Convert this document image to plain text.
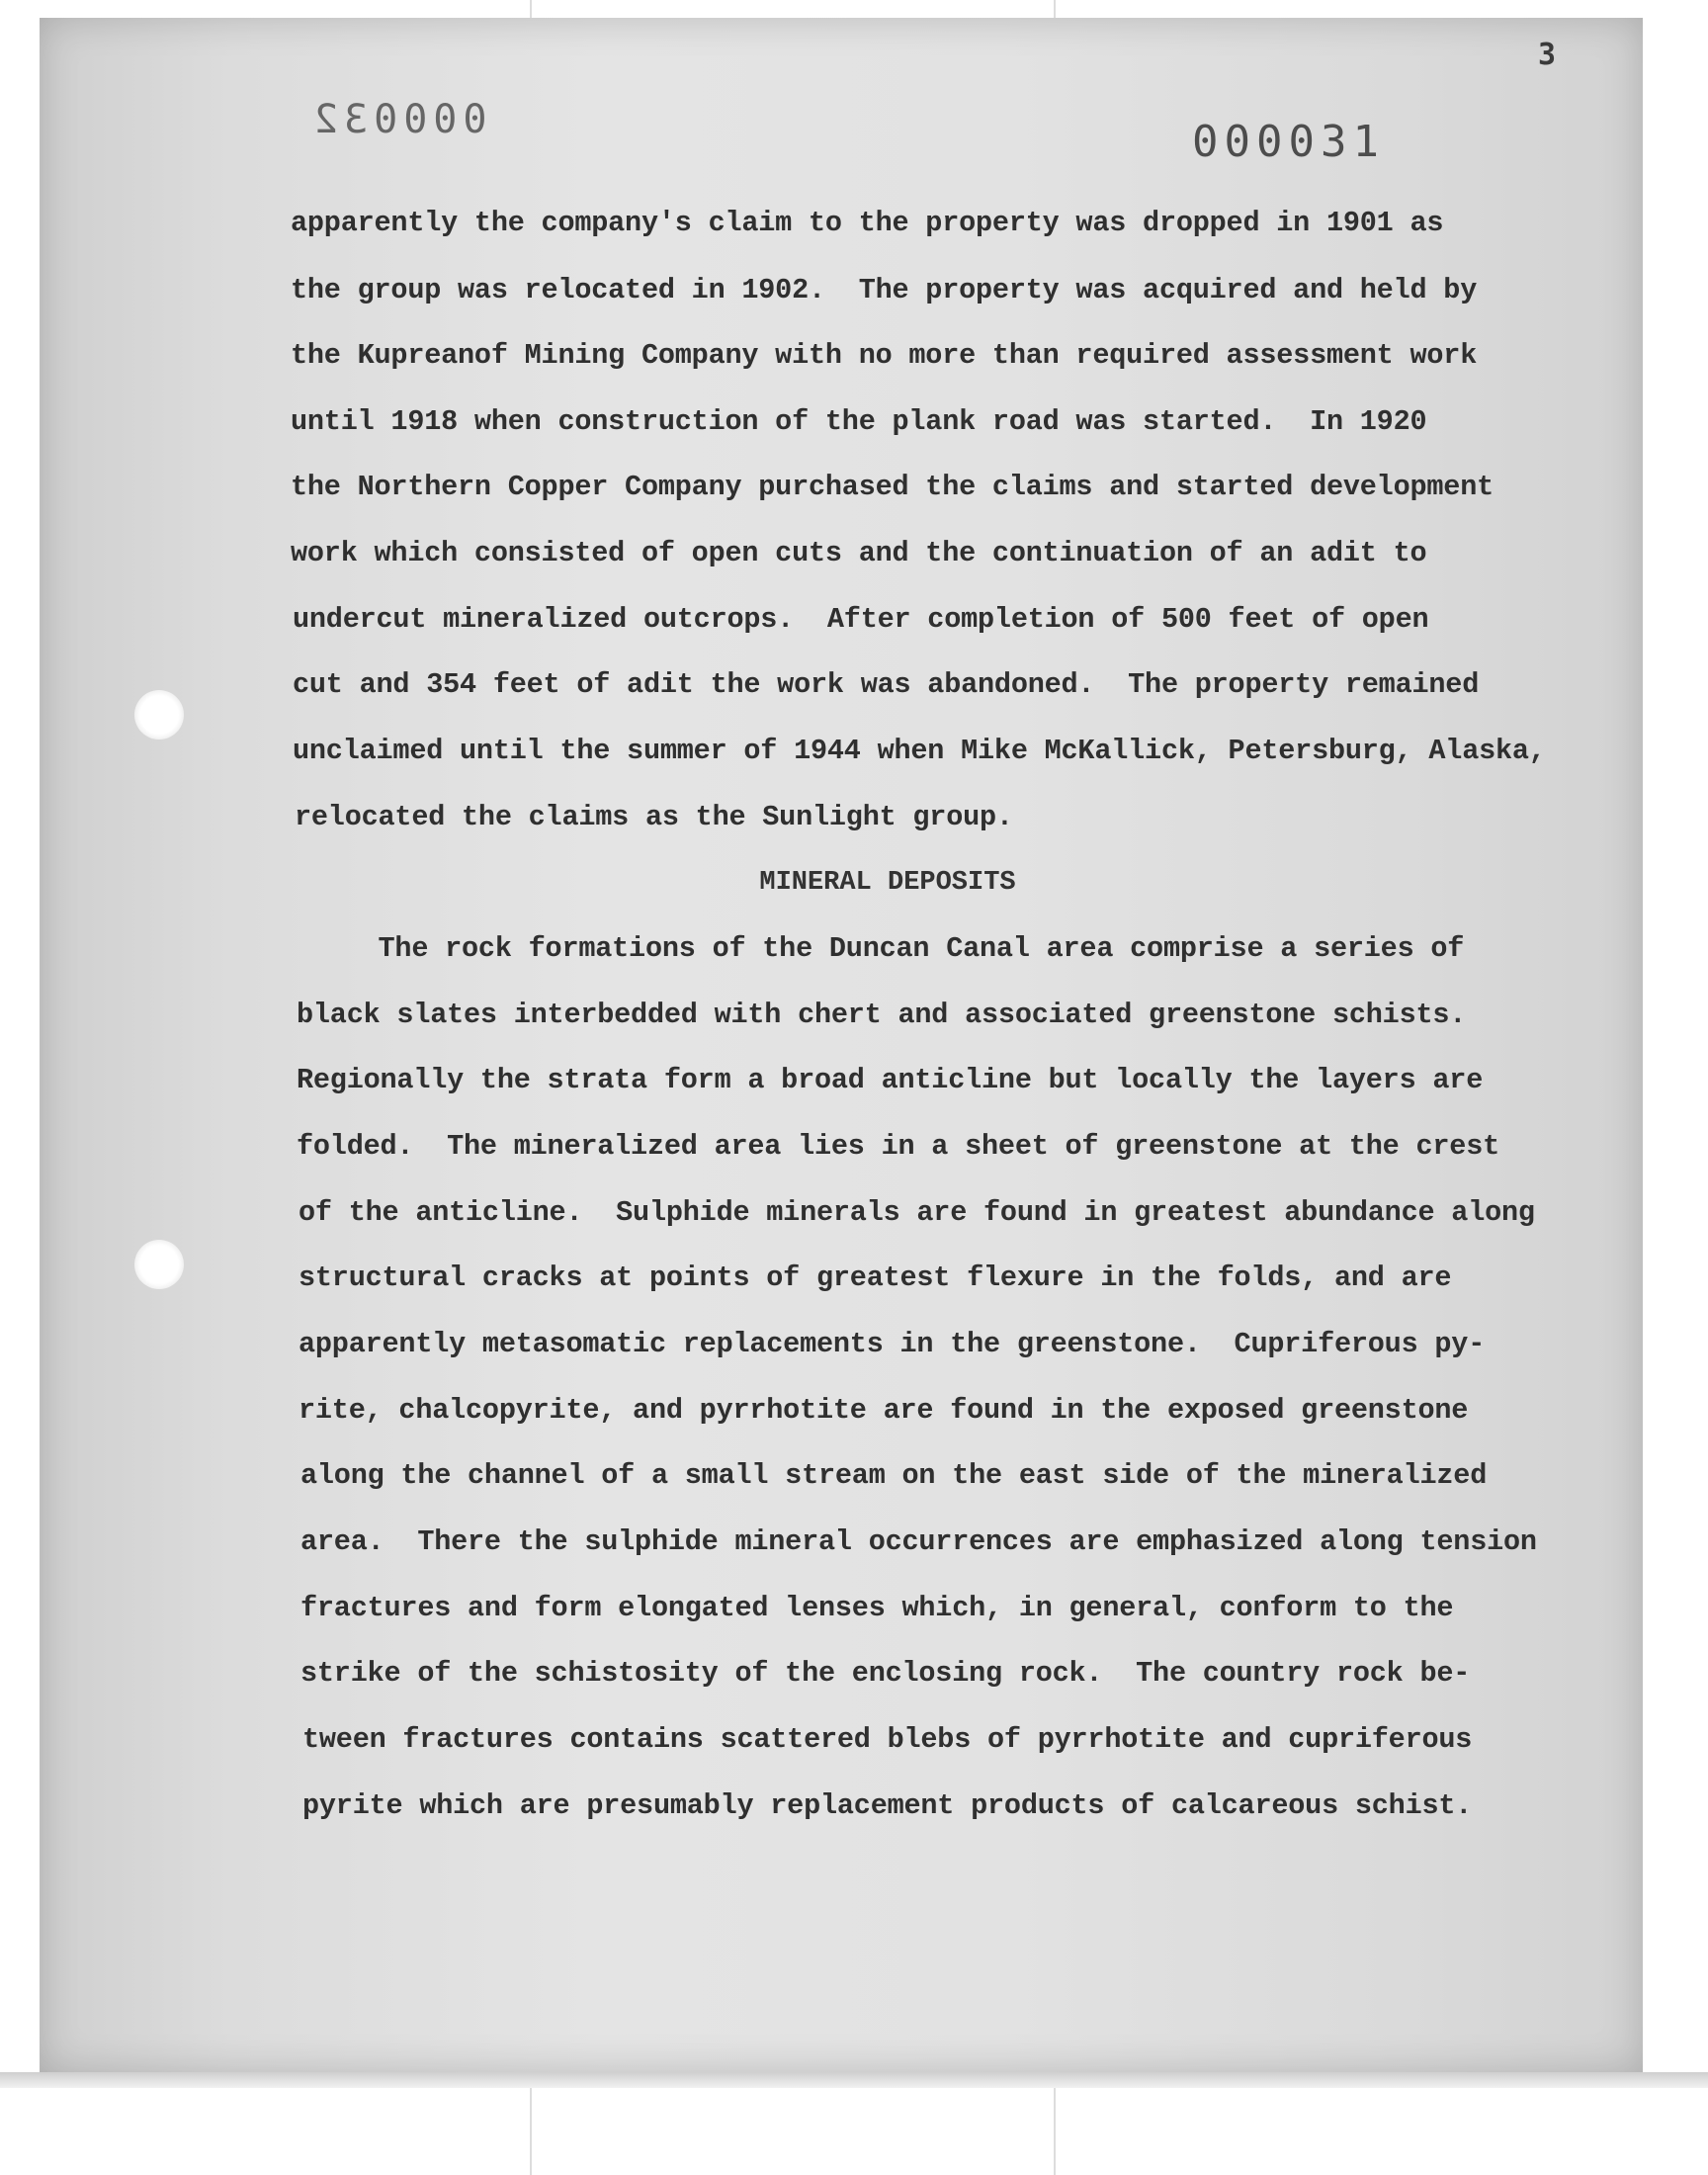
3
000032	000031
apparently the company's claim to the property was dropped in 1901 as
the group was relocated in 1902.  The property was acquired and held by
the Kupreanof Mining Company with no more than required assessment work
until 1918 when construction of the plank road was started.  In 1920
the Northern Copper Company purchased the claims and started development
work which consisted of open cuts and the continuation of an adit to
undercut mineralized outcrops.  After completion of 500 feet of open
cut and 354 feet of adit the work was abandoned.  The property remained
unclaimed until the summer of 1944 when Mike McKallick, Petersburg, Alaska,
relocated the claims as the Sunlight group.
MINERAL DEPOSITS
The rock formations of the Duncan Canal area comprise a series of
black slates interbedded with chert and associated greenstone schists.
Regionally the strata form a broad anticline but locally the layers are
folded.  The mineralized area lies in a sheet of greenstone at the crest
of the anticline.  Sulphide minerals are found in greatest abundance along
structural cracks at points of greatest flexure in the folds, and are
apparently metasomatic replacements in the greenstone.  Cupriferous py-
rite, chalcopyrite, and pyrrhotite are found in the exposed greenstone
along the channel of a small stream on the east side of the mineralized
area.  There the sulphide mineral occurrences are emphasized along tension
fractures and form elongated lenses which, in general, conform to the
strike of the schistosity of the enclosing rock.  The country rock be-
tween fractures contains scattered blebs of pyrrhotite and cupriferous
pyrite which are presumably replacement products of calcareous schist.
